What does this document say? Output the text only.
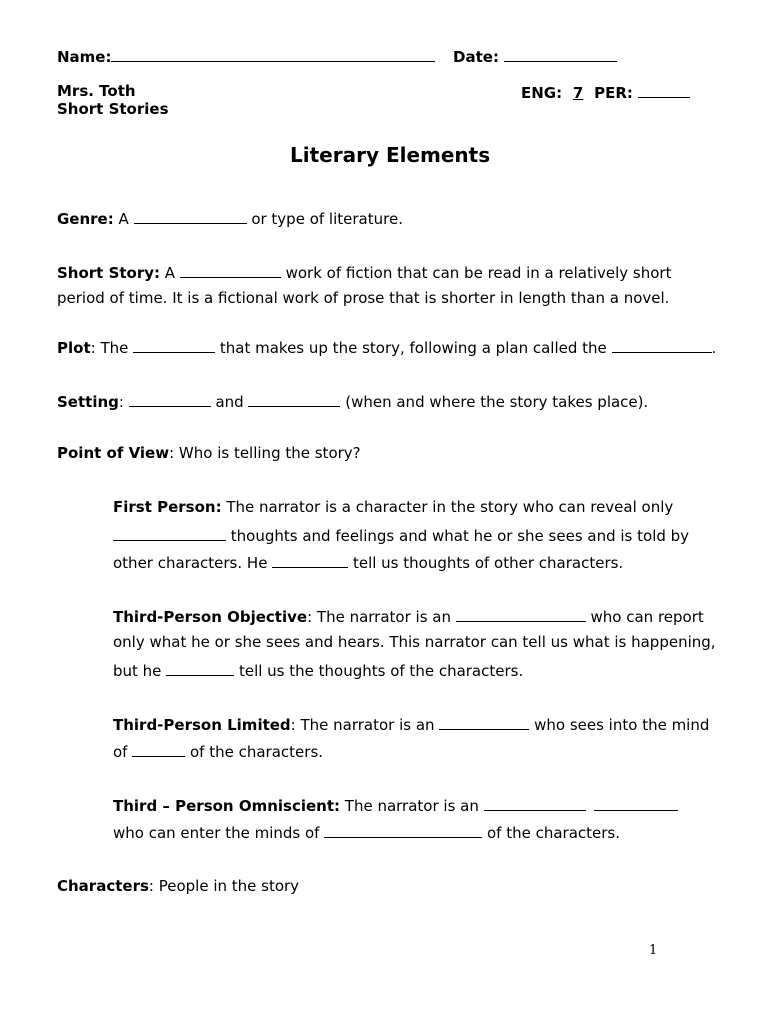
Name:	Date:
Mrs. Toth
Short Stories
ENG: 7 PER:
Literary Elements
Genre: A	or type of literature.
Short Story: A	work of fiction that can be read in a relatively short
period of time. It is a fictional work of prose that is shorter in length than a novel.
Plot: The	that makes up the story, following a plan called the	.
Setting:	and	(when and where the story takes place).
Point of View: Who is telling the story?
First Person: The narrator is a character in the story who can reveal only
thoughts and feelings and what he or she sees and is told by
other characters. He	tell us thoughts of other characters.
Third-Person Objective: The narrator is an	who can report
only what he or she sees and hears. This narrator can tell us what is happening,
but he	tell us the thoughts of the characters.
Third-Person Limited: The narrator is an	who sees into the mind
of	of the characters.
Third – Person Omniscient: The narrator is an
who can enter the minds of	of the characters.
Characters: People in the story
1
